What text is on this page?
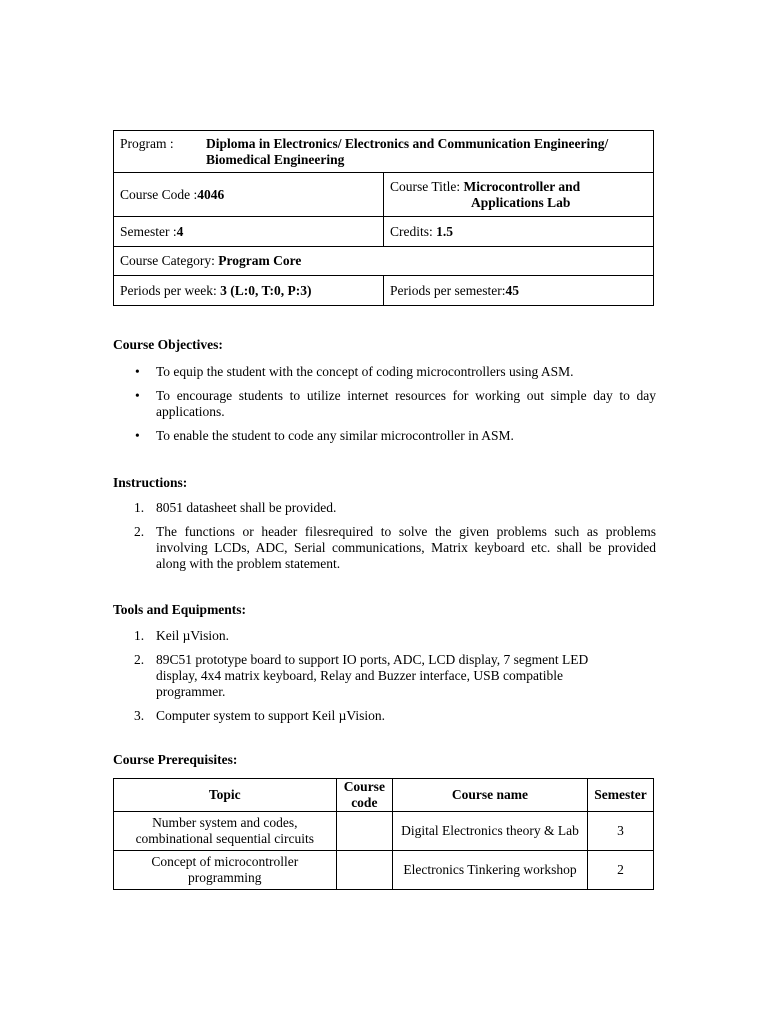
Program : Diploma in Electronics/ Electronics and Communication Engineering/
Biomedical Engineering	

Course Code :4046	Course Title: Microcontroller and
Applications Lab

Semester :4	Credits: 1.5
Course Category: Program Core	
Periods per week: 3 (L:0, T:0, P:3)	Periods per semester:45
Course Objectives:
• To equip the student with the concept of coding microcontrollers using ASM.
• To encourage students to utilize internet resources for working out simple day to day applications.
• To enable the student to code any similar microcontroller in ASM.
Instructions:
1. 8051 datasheet shall be provided.
2. The functions or header filesrequired to solve the given problems such as problems involving LCDs, ADC, Serial communications, Matrix keyboard etc. shall be provided along with the problem statement.
Tools and Equipments:
1. Keil µVision.
2. 89C51 prototype board to support IO ports, ADC, LCD display, 7 segment LED display, 4x4 matrix keyboard, Relay and Buzzer interface, USB compatible programmer.
3. Computer system to support Keil µVision.
Course Prerequisites:
Topic	Course code	Course name	Semester
Number system and codes, combinational sequential circuits		Digital Electronics theory & Lab	3
Concept of microcontroller programming		Electronics Tinkering workshop	2
